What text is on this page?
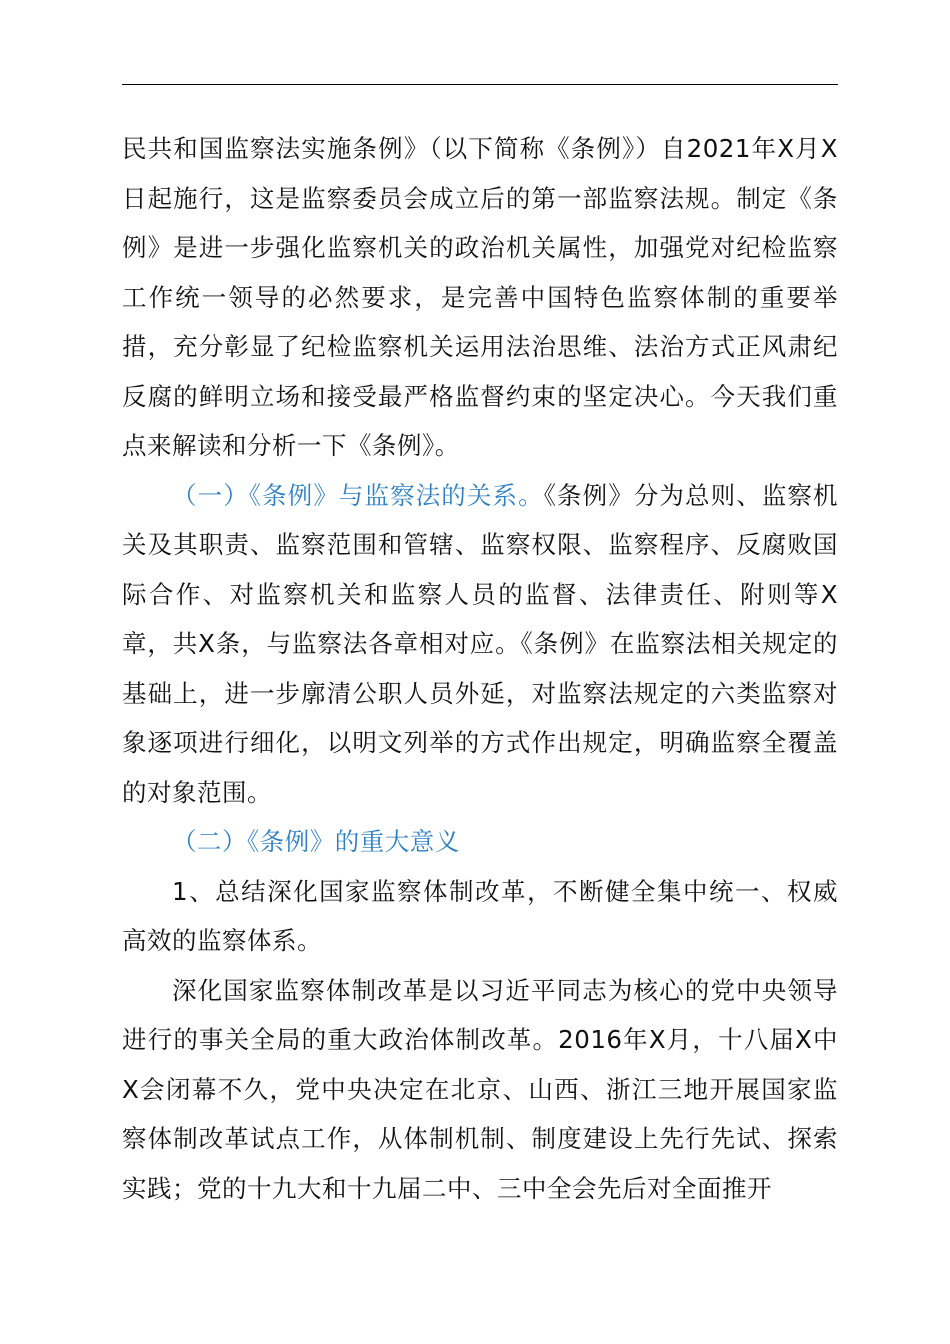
民共和国监察法实施条例》（以下简称《条例》）自2021年X月X日起施行，这是监察委员会成立后的第一部监察法规。制定《条例》是进一步强化监察机关的政治机关属性，加强党对纪检监察工作统一领导的必然要求，是完善中国特色监察体制的重要举措，充分彰显了纪检监察机关运用法治思维、法治方式正风肃纪反腐的鲜明立场和接受最严格监督约束的坚定决心。今天我们重点来解读和分析一下《条例》。

（一）《条例》与监察法的关系。《条例》分为总则、监察机关及其职责、监察范围和管辖、监察权限、监察程序、反腐败国际合作、对监察机关和监察人员的监督、法律责任、附则等X章，共X条，与监察法各章相对应。《条例》在监察法相关规定的基础上，进一步廓清公职人员外延，对监察法规定的六类监察对象逐项进行细化，以明文列举的方式作出规定，明确监察全覆盖的对象范围。

（二）《条例》的重大意义

1、总结深化国家监察体制改革，不断健全集中统一、权威高效的监察体系。

深化国家监察体制改革是以习近平同志为核心的党中央领导进行的事关全局的重大政治体制改革。2016年X月，十八届X中X会闭幕不久，党中央决定在北京、山西、浙江三地开展国家监察体制改革试点工作，从体制机制、制度建设上先行先试、探索实践；党的十九大和十九届二中、三中全会先后对全面推开
